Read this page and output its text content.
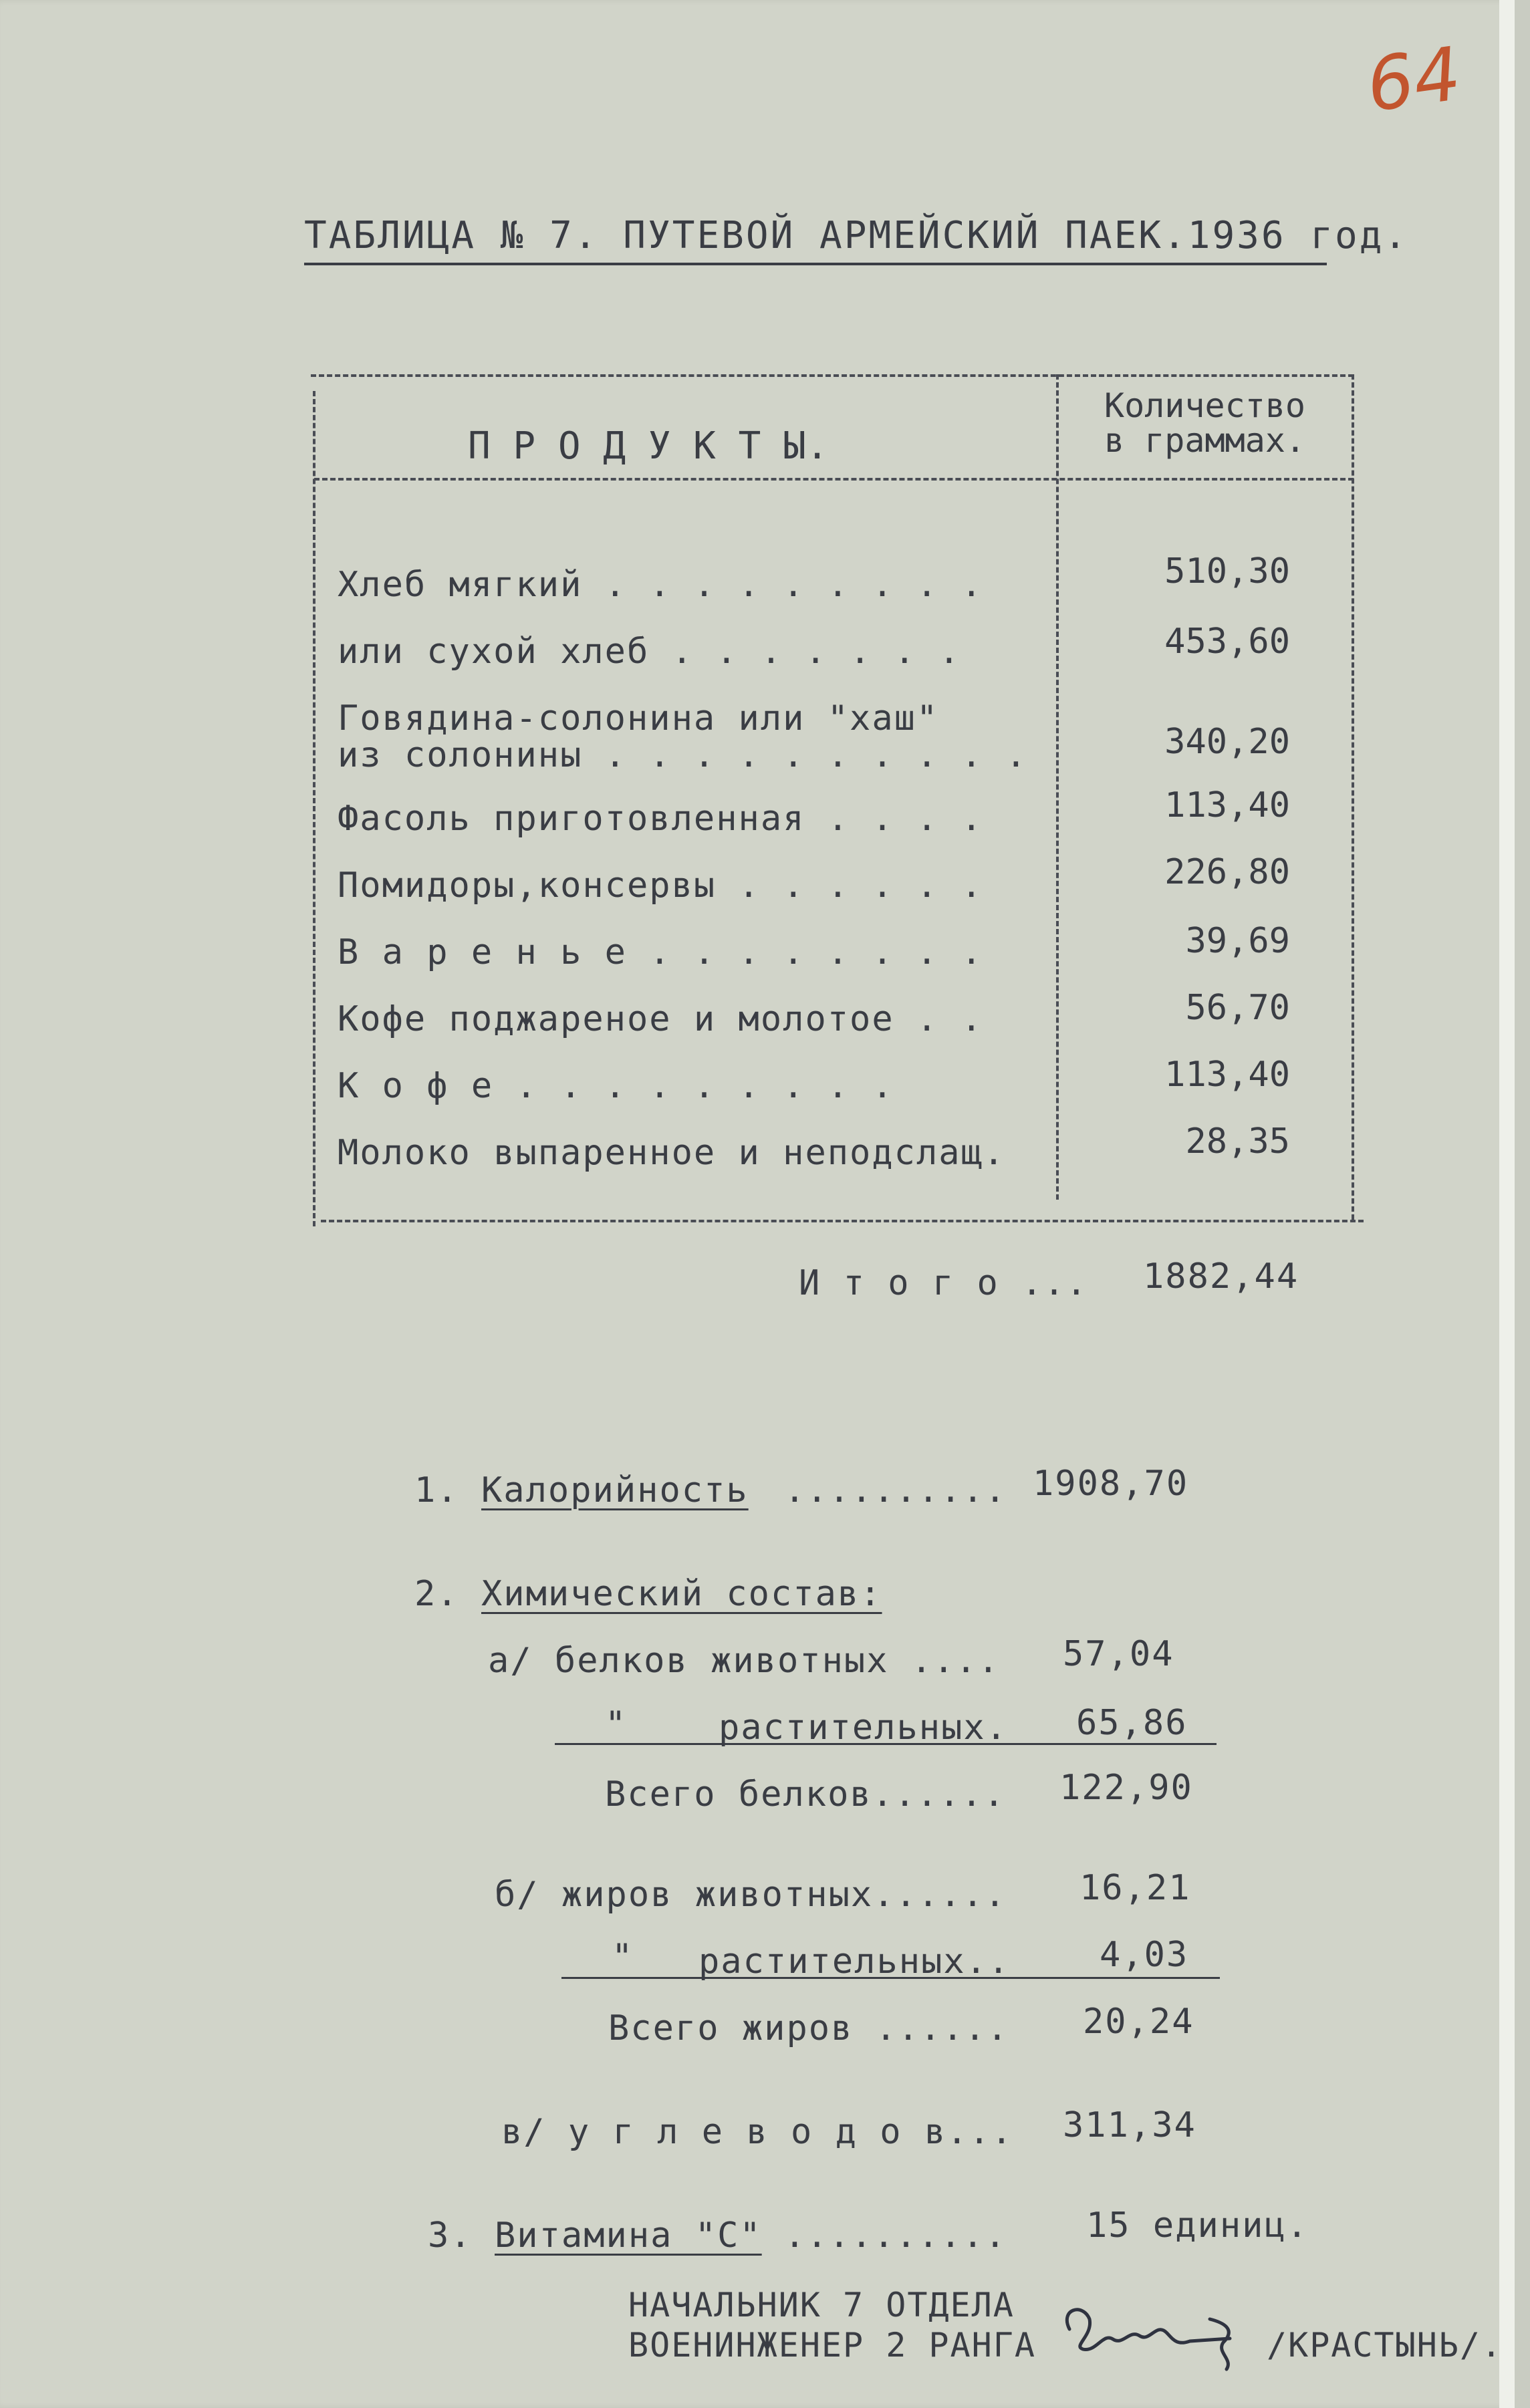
64
ТАБЛИЦА № 7. ПУТЕВОЙ АРМЕЙСКИЙ ПАЕК.1936 год.
П Р О Д У К Т Ы.
Количество
в граммах.
Хлеб мягкий . . . . . . . . .	510,30
или сухой хлеб . . . . . . .	453,60
Говядина-солонина или "хаш"
из солонины . . . . . . . . . .	340,20
Фасоль приготовленная . . . .	113,40
Помидоры,консервы . . . . . .	226,80
В а р е н ь е . . . . . . . .	39,69
Кофе поджареное и молотое . .	56,70
К о ф е . . . . . . . . .	113,40
Молоко выпаренное и неподслащ.	28,35
И т о г о ... 1882,44
1. Калорийность .......... 1908,70
2. Химический состав:
а/ белков животных .... 57,04
"	растительных. 65,86
Всего белков...... 122,90
б/ жиров животных...... 16,21
" растительных..	4,03
Всего жиров ...... 20,24
в/ у г л е в о д о в... 311,34
3. Витамина "С" .......... 15 единиц.
НАЧАЛЬНИК 7 ОТДЕЛА
ВОЕНИНЖЕНЕР 2 РАНГА	/КРАСТЫНЬ/.
